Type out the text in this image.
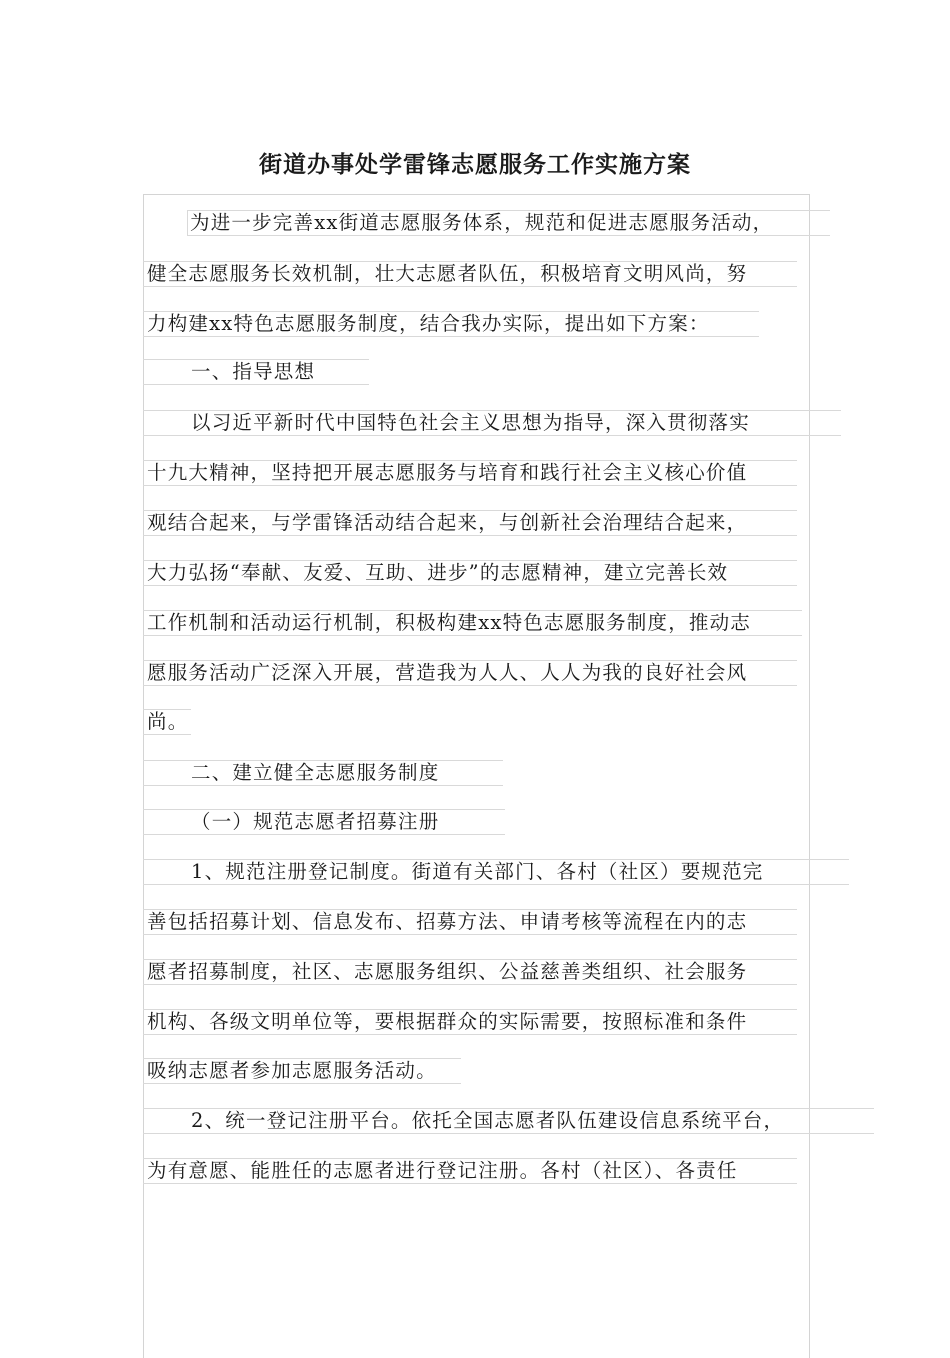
街道办事处学雷锋志愿服务工作实施方案
为进一步完善xx街道志愿服务体系，规范和促进志愿服务活动，
健全志愿服务长效机制，壮大志愿者队伍，积极培育文明风尚，努
力构建xx特色志愿服务制度，结合我办实际，提出如下方案：
一、指导思想
以习近平新时代中国特色社会主义思想为指导，深入贯彻落实
十九大精神，坚持把开展志愿服务与培育和践行社会主义核心价值
观结合起来，与学雷锋活动结合起来，与创新社会治理结合起来，
大力弘扬“奉献、友爱、互助、进步”的志愿精神，建立完善长效
工作机制和活动运行机制，积极构建xx特色志愿服务制度，推动志
愿服务活动广泛深入开展，营造我为人人、人人为我的良好社会风
尚。
二、建立健全志愿服务制度
（一）规范志愿者招募注册
1、规范注册登记制度。街道有关部门、各村（社区）要规范完
善包括招募计划、信息发布、招募方法、申请考核等流程在内的志
愿者招募制度，社区、志愿服务组织、公益慈善类组织、社会服务
机构、各级文明单位等，要根据群众的实际需要，按照标准和条件
吸纳志愿者参加志愿服务活动。
2、统一登记注册平台。依托全国志愿者队伍建设信息系统平台，
为有意愿、能胜任的志愿者进行登记注册。各村（社区）、各责任
